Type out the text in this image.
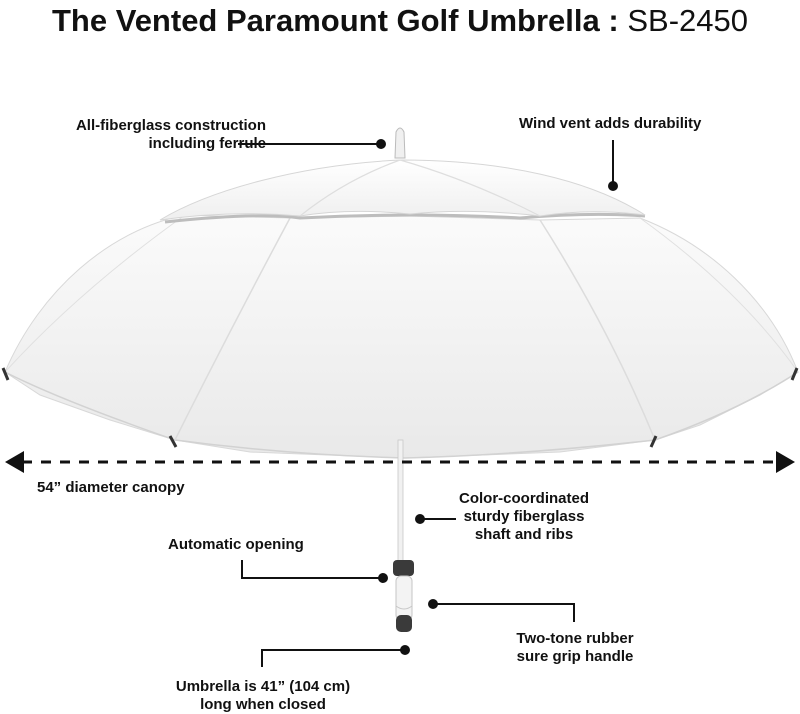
The Vented Paramount Golf Umbrella : SB-2450
All-fiberglass construction
including ferrule
Wind vent adds durability
54” diameter canopy
Color-coordinated
sturdy fiberglass
shaft and ribs
Automatic opening
Two-tone rubber
sure grip handle
Umbrella is 41” (104 cm)
long when closed
